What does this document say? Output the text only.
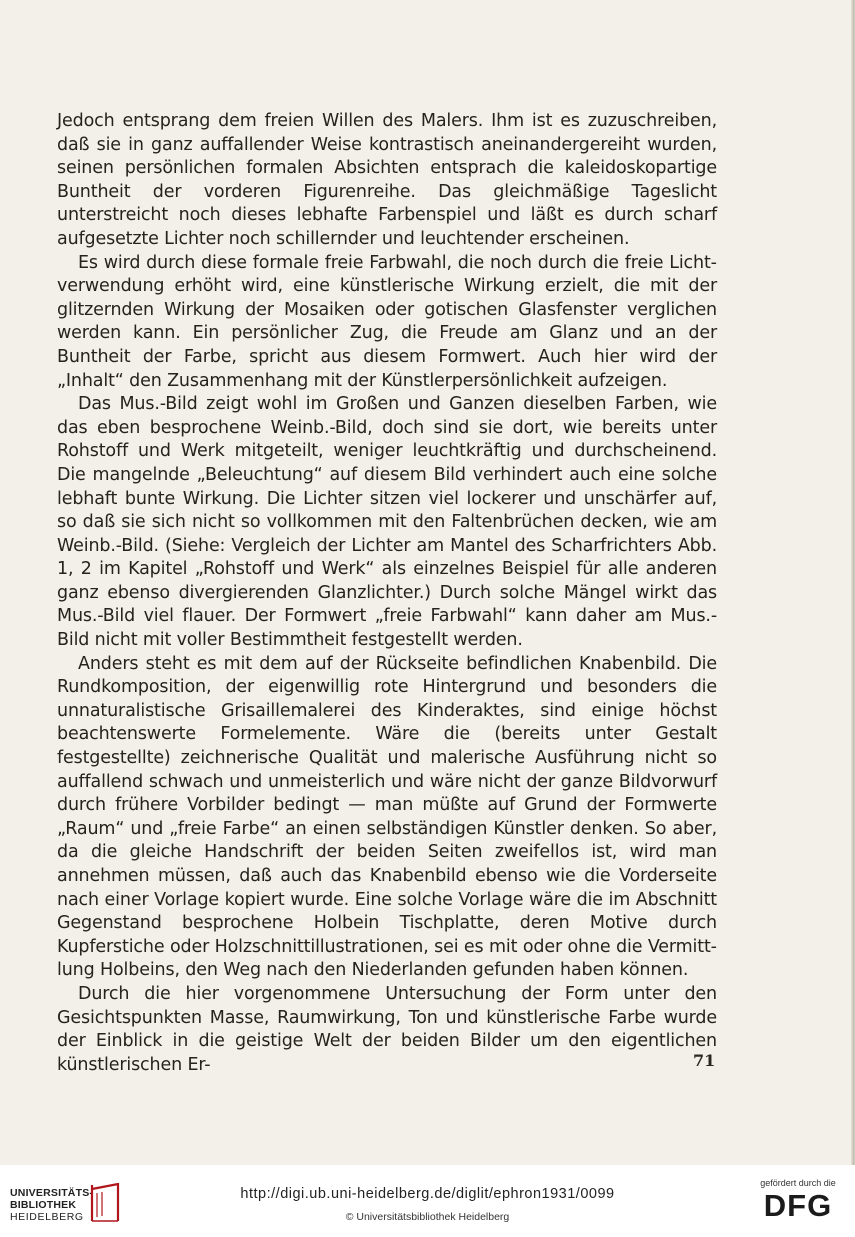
Jedoch entsprang dem freien Willen des Malers. Ihm ist es zuzuschreiben, daß sie in ganz auffallender Weise kontrastisch aneinandergereiht wurden, seinen persönlichen formalen Absichten entsprach die kaleidoskopartige Buntheit der vorderen Figurenreihe. Das gleichmäßige Tageslicht unterstreicht noch dieses lebhafte Farbenspiel und läßt es durch scharf aufgesetzte Lichter noch schillernder und leuchtender erscheinen.

Es wird durch diese formale freie Farbwahl, die noch durch die freie Lichtverwendung erhöht wird, eine künstlerische Wirkung erzielt, die mit der glitzernden Wirkung der Mosaiken oder gotischen Glasfenster verglichen werden kann. Ein persönlicher Zug, die Freude am Glanz und an der Buntheit der Farbe, spricht aus diesem Formwert. Auch hier wird der „Inhalt“ den Zusammenhang mit der Künstlerpersönlichkeit aufzeigen.

Das Mus.-Bild zeigt wohl im Großen und Ganzen dieselben Farben, wie das eben besprochene Weinb.-Bild, doch sind sie dort, wie bereits unter Rohstoff und Werk mitgeteilt, weniger leuchtkräftig und durchscheinend. Die mangelnde „Beleuchtung“ auf diesem Bild verhindert auch eine solche lebhaft bunte Wirkung. Die Lichter sitzen viel lockerer und unschärfer auf, so daß sie sich nicht so vollkommen mit den Faltenbrüchen decken, wie am Weinb.-Bild. (Siehe: Vergleich der Lichter am Mantel des Scharfrichters Abb. 1, 2 im Kapitel „Rohstoff und Werk“ als einzelnes Beispiel für alle anderen ganz ebenso divergierenden Glanzlichter.) Durch solche Mängel wirkt das Mus.-Bild viel flauer. Der Formwert „freie Farbwahl“ kann daher am Mus.-Bild nicht mit voller Bestimmtheit festgestellt werden.

Anders steht es mit dem auf der Rückseite befindlichen Knabenbild. Die Rundkomposition, der eigenwillig rote Hintergrund und besonders die unnaturalistische Grisaillemalerei des Kinderaktes, sind einige höchst beachtenswerte Formelemente. Wäre die (bereits unter Gestalt festgestellte) zeichnerische Qualität und malerische Ausführung nicht so auffallend schwach und unmeisterlich und wäre nicht der ganze Bildvorwurf durch frühere Vorbilder bedingt — man müßte auf Grund der Formwerte „Raum“ und „freie Farbe“ an einen selbständigen Künstler denken. So aber, da die gleiche Handschrift der beiden Seiten zweifellos ist, wird man annehmen müssen, daß auch das Knabenbild ebenso wie die Vorderseite nach einer Vorlage kopiert wurde. Eine solche Vorlage wäre die im Abschnitt Gegenstand besprochene Holbein Tischplatte, deren Motive durch Kupferstiche oder Holzschnittillustrationen, sei es mit oder ohne die Vermittlung Holbeins, den Weg nach den Niederlanden gefunden haben können.

Durch die hier vorgenommene Untersuchung der Form unter den Gesichtspunkten Masse, Raumwirkung, Ton und künstlerische Farbe wurde der Einblick in die geistige Welt der beiden Bilder um den eigentlichen künstlerischen Er-	71
UNIVERSITÄTS-
BIBLIOTHEK
HEIDELBERG
http://digi.ub.uni-heidelberg.de/diglit/ephron1931/0099
© Universitätsbibliothek Heidelberg
gefördert durch die
DFG
